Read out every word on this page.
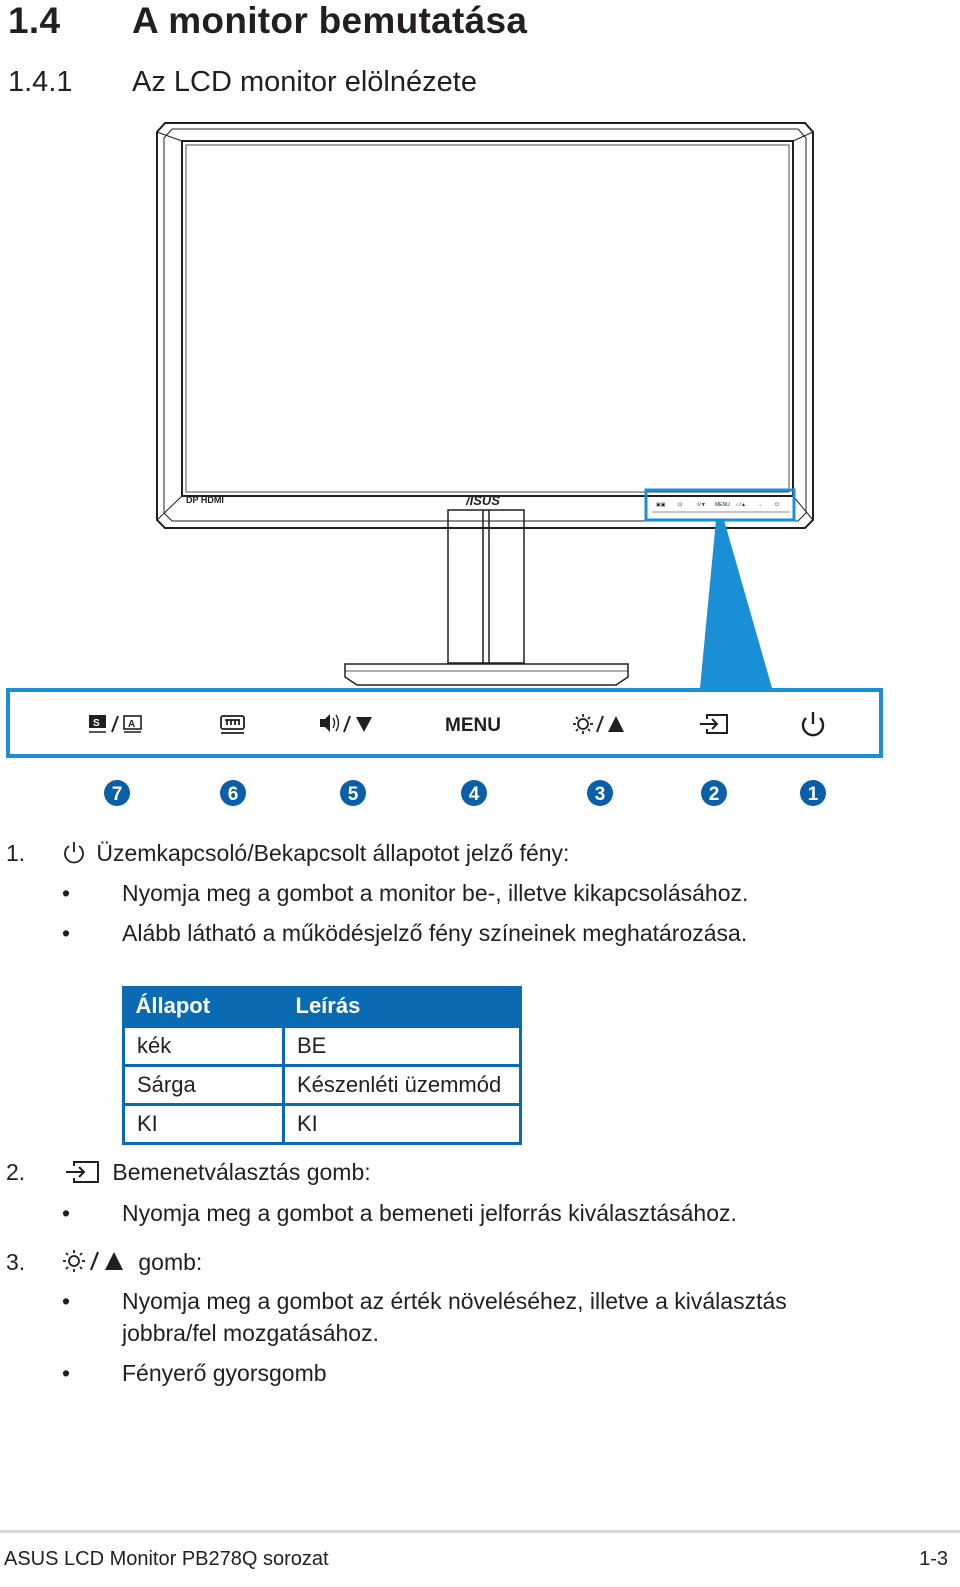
1.4 A monitor bemutatása
1.4.1 Az LCD monitor elölnézete
DP HDMI	/ISUS	▣▣	⊡	◊/▼ MENU ☼/▲ →	⏻
S	A	MENU
7	6	5	4	3	2	1
1.	Üzemkapcsoló/Bekapcsolt állapotot jelző fény:
• Nyomja meg a gombot a monitor be-, illetve kikapcsolásához.
• Alább látható a működésjelző fény színeinek meghatározása.
Állapot	Leírás
kék	BE
Sárga	Készenléti üzemmód
KI	KI
2.	Bemenetválasztás gomb:
• Nyomja meg a gombot a bemeneti jelforrás kiválasztásához.
3.	gomb:
• Nyomja meg a gombot az érték növeléséhez, illetve a kiválasztás
jobbra/fel mozgatásához.
• Fényerő gyorsgomb
ASUS LCD Monitor PB278Q sorozat	1-3
